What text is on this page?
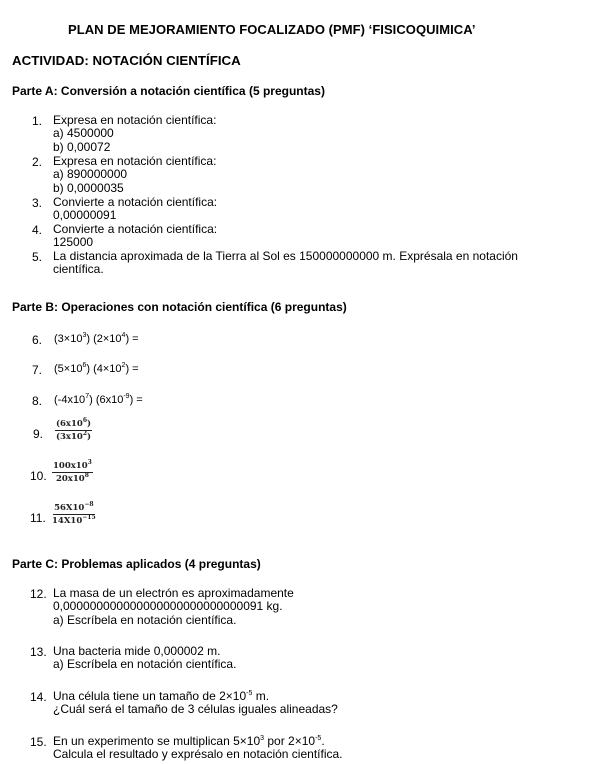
PLAN DE MEJORAMIENTO FOCALIZADO (PMF) ‘FISICOQUIMICA’
ACTIVIDAD: NOTACIÓN CIENTÍFICA
Parte A: Conversión a notación científica (5 preguntas)
1. Expresa en notación científica:
a) 4500000
b) 0,00072
2. Expresa en notación científica:
a) 890000000
b) 0,0000035
3. Convierte a notación científica:
0,00000091
4. Convierte a notación científica:
125000
5. La distancia aproximada de la Tierra al Sol es 150000000000 m. Exprésala en notación
científica.
Parte B: Operaciones con notación científica (6 preguntas)
6. $(3\times 10^3) (2\times 10^4)$ =
7. $(5\times 10^6) (4\times 10^2)$ =
8. $(-4x10^7) (6x10^{-9})$ =
9.	$\frac{(6x10^6)}{(3x10^2)}$
10. $\frac{100x10^3}{20x10^8}$
11. $\frac{56X10^{-8}}{14X10^{-15}}$
Parte C: Problemas aplicados (4 preguntas)
12. La masa de un electrón es aproximadamente
0,000000000000000000000000000091 kg.
a) Escríbela en notación científica.
13. Una bacteria mide 0,000002 m.
a) Escríbela en notación científica.
14. Una célula tiene un tamaño de $2\times 10^{-5}$ m.
¿Cuál será el tamaño de 3 células iguales alineadas?
15. En un experimento se multiplican $5\times 10^3$ por $2\times 10^{-5}$.
Calcula el resultado y exprésalo en notación científica.
